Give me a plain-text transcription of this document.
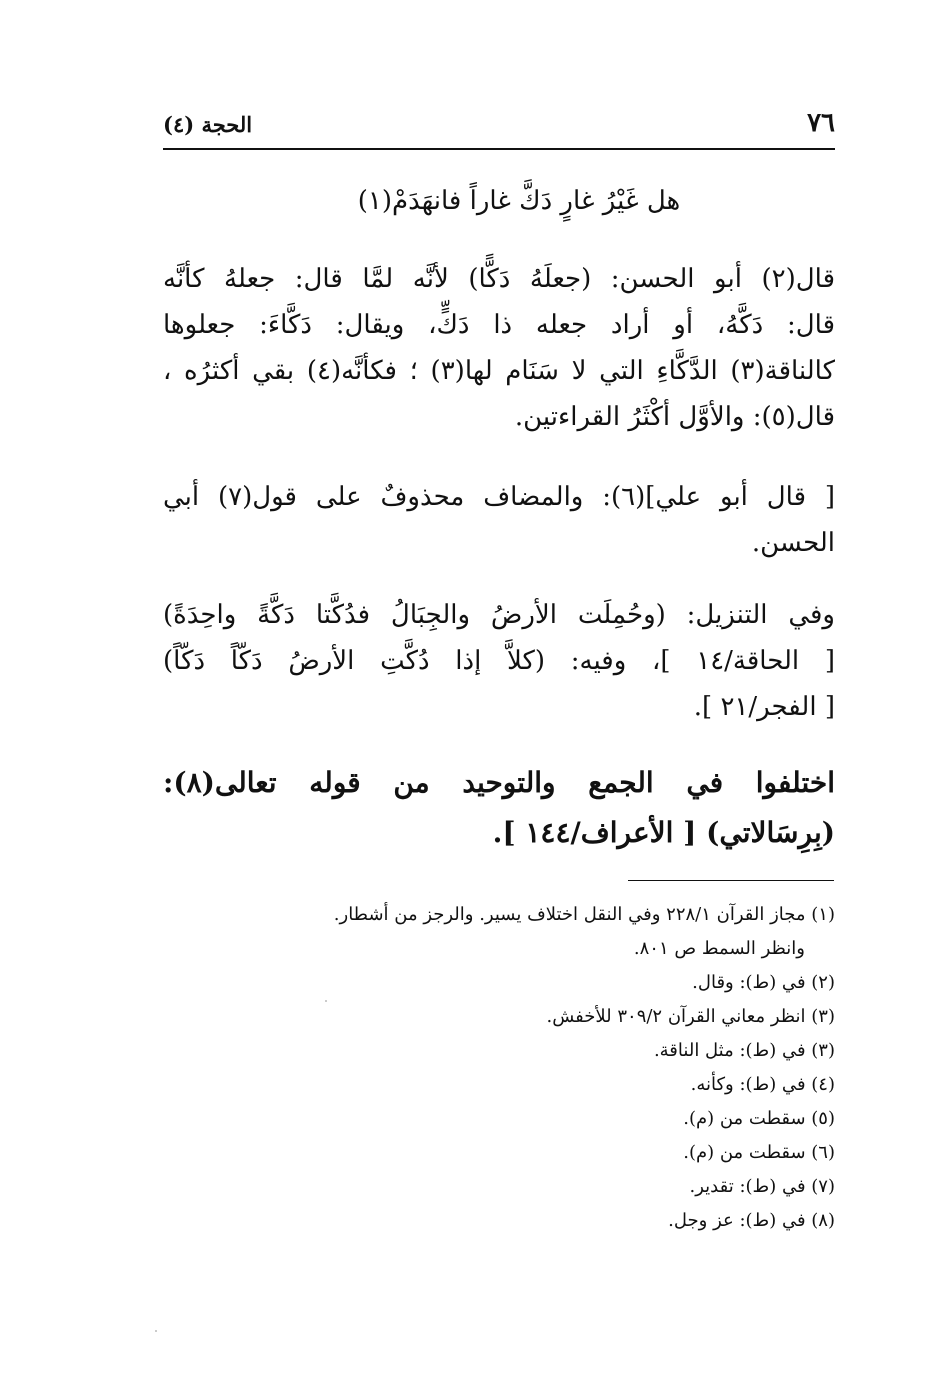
الحجة (٤)	٧٦
هل غَيْرُ غارٍ دَكَّ غاراً فانهَدَمْ(١)
قال(٢) أبو الحسن: (جعلَهُ دَكًّا) لأنَّه لمَّا قال: جعلهُ كأنَّه
قال: دَكَّهُ، أو أراد جعله ذا دَكٍّ، ويقال: دَكَّاءَ: جعلوها
كالناقة(٣) الدَّكَّاءِ التي لا سَنَام لها(٣) ؛ فكأنَّه(٤) بقي أكثرُه ،
قال(٥): والأوَّل أكْثَرُ القراءتين.
[ قال أبو علي](٦): والمضاف محذوفٌ على قول(٧) أبي
الحسن.
وفي التنزيل: (وحُمِلَت الأرضُ والجِبَالُ فدُكَّتا دَكَّةً واحِدَةً)
[ الحاقة/١٤ ]، وفيه: (كلاَّ إذا دُكَّتِ الأرضُ دَكّاً دَكّاً)
[ الفجر/٢١ ].
اختلفوا في الجمع والتوحيد من قوله تعالى(٨):
(بِرِسَالاتي) [ الأعراف/١٤٤ ].
(١) مجاز القرآن ٢٢٨/١ وفي النقل اختلاف يسير. والرجز من أشطار.
وانظر السمط ص ٨٠١.
(٢) في (ط): وقال.
(٣) انظر معاني القرآن ٣٠٩/٢ للأخفش.
(٣) في (ط): مثل الناقة.
(٤) في (ط): وكأنه.
(٥) سقطت من (م).
(٦) سقطت من (م).
(٧) في (ط): تقدير.
(٨) في (ط): عز وجل.
